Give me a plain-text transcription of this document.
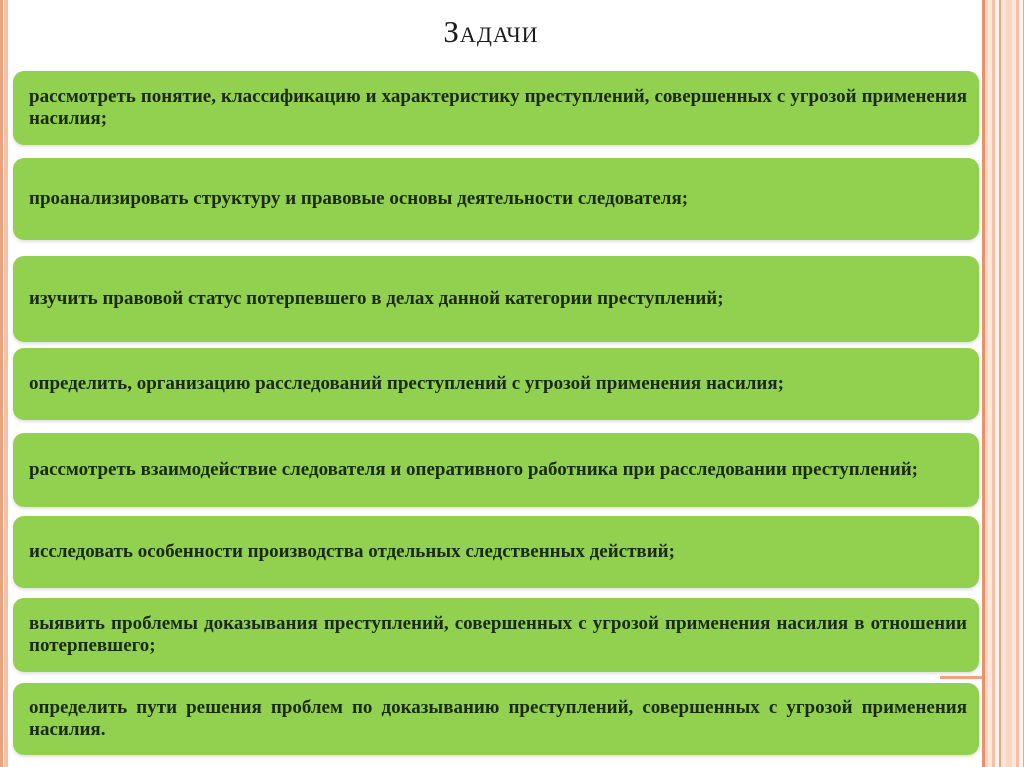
Задачи
рассмотреть понятие, классификацию и характеристику преступлений, совершенных с угрозой применения насилия;
проанализировать структуру и правовые основы деятельности следователя;
изучить правовой статус потерпевшего в делах данной категории преступлений;
определить, организацию расследований преступлений с угрозой применения насилия;
рассмотреть взаимодействие следователя и оперативного работника при расследовании преступлений;
исследовать особенности производства отдельных следственных действий;
выявить проблемы доказывания преступлений, совершенных с угрозой применения насилия в отношении потерпевшего;
определить пути решения проблем по доказыванию преступлений, совершенных с угрозой применения насилия.
